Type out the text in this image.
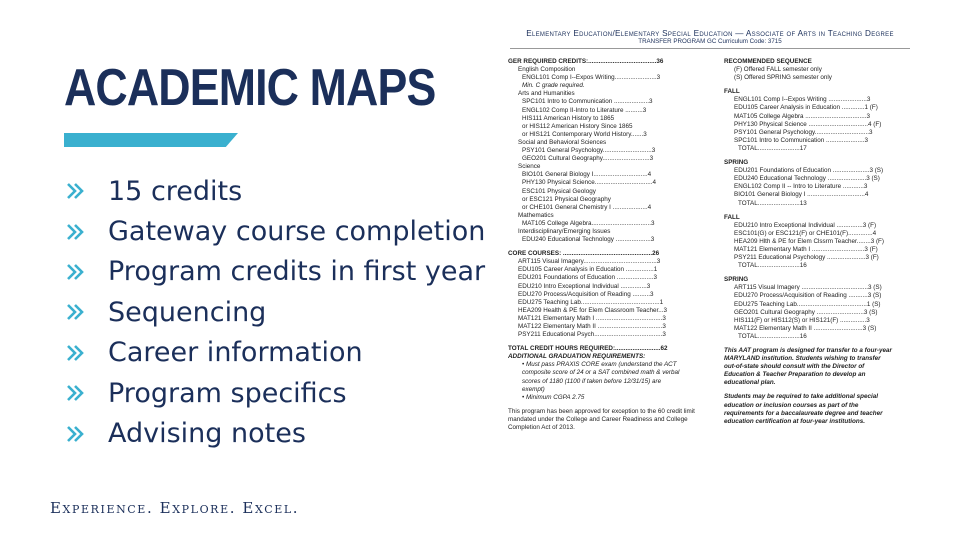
ACADEMIC MAPS
15 credits
Gateway course completion
Program credits in first year
Sequencing
Career information
Program specifics
Advising notes
Experience. Explore. Excel.
Elementary Education/Elementary Special Education — Associate of Arts in Teaching Degree
TRANSFER PROGRAM GC Curriculum Code: 3715
GER REQUIRED CREDITS:.......................................36
English Composition
ENGL101 Comp I--Expos Writing........................3
Min. C grade required.
Arts and Humanities
SPC101 Intro to Communication ....................3
ENGL102 Comp II-Intro to Literature ..........3
HIS111 American History to 1865
or HIS112 American History Since 1865
or HIS121 Contemporary World History.......3
Social and Behavioral Sciences
PSY101 General Psychology............................3
GEO201 Cultural Geography...........................3
Science
BIO101 General Biology I...............................4
PHY130 Physical Science.................................4
ESC101 Physical Geology
or ESC121 Physical Geography
or CHE101 General Chemistry I ....................4
Mathematics
MAT105 College Algebra..................................3
Interdisciplinary/Emerging Issues
EDU240 Educational Technology ....................3
CORE COURSES: ...................................................26
ART115 Visual Imagery..........................................3
EDU105 Career Analysis in Education ................1
EDU201 Foundations of Education .....................3
EDU210 Intro Exceptional Individual ...............3
EDU270 Process/Acquisition of Reading ..........3
EDU275 Teaching Lab.............................................1
HEA209 Health & PE for Elem Classroom Teacher...3
MAT121 Elementary Math I ......................................3
MAT122 Elementary Math II .....................................3
PSY211 Educational Psych.......................................3
TOTAL CREDIT HOURS REQUIRED:..........................62
ADDITIONAL GRADUATION REQUIREMENTS:
• Must pass PRAXIS CORE exam (understand the ACT
composite score of 24 or a SAT combined math & verbal
scores of 1180 (1100 if taken before 12/31/15) are
exempt)
• Minimum CGPA 2.75
This program has been approved for exception to the 60 credit limit
mandated under the College and Career Readiness and College
Completion Act of 2013.
RECOMMENDED SEQUENCE
(F) Offered FALL semester only
(S) Offered SPRING semester only
FALL
ENGL101 Comp I--Expos Writing ......................3
EDU105 Career Analysis in Education .............1 (F)
MAT105 College Algebra ...................................3
PHY130 Physical Science ..................................4 (F)
PSY101 General Psychology...............................3
SPC101 Intro to Communication ......................3
TOTAL........................17
SPRING
EDU201 Foundations of Education .....................3 (S)
EDU240 Educational Technology ......................3 (S)
ENGL102 Comp II -- Intro to Literature ............3
BIO101 General Biology I .................................4
TOTAL........................13
FALL
EDU210 Intro Exceptional Individual ...............3 (F)
ESC101(G) or ESC121(F) or CHE101(F)..............4
HEA209 Hlth & PE for Elem Clssrm Teacher........3 (F)
MAT121 Elementary Math I ..............................3 (F)
PSY211 Educational Psychology ......................3 (F)
TOTAL........................16
SPRING
ART115 Visual Imagery ......................................3 (S)
EDU270 Process/Acquisition of Reading ...........3 (S)
EDU275 Teaching Lab........................................1 (S)
GEO201 Cultural Geography ...........................3 (S)
HIS111(F) or HIS112(S) or HIS121(F) ...............3
MAT122 Elementary Math II ............................3 (S)
TOTAL........................16
This AAT program is designed for transfer to a four-year
MARYLAND institution. Students wishing to transfer
out-of-state should consult with the Director of
Education & Teacher Preparation to develop an
educational plan.
Students may be required to take additional special
education or inclusion courses as part of the
requirements for a baccalaureate degree and teacher
education certification at four-year institutions.
